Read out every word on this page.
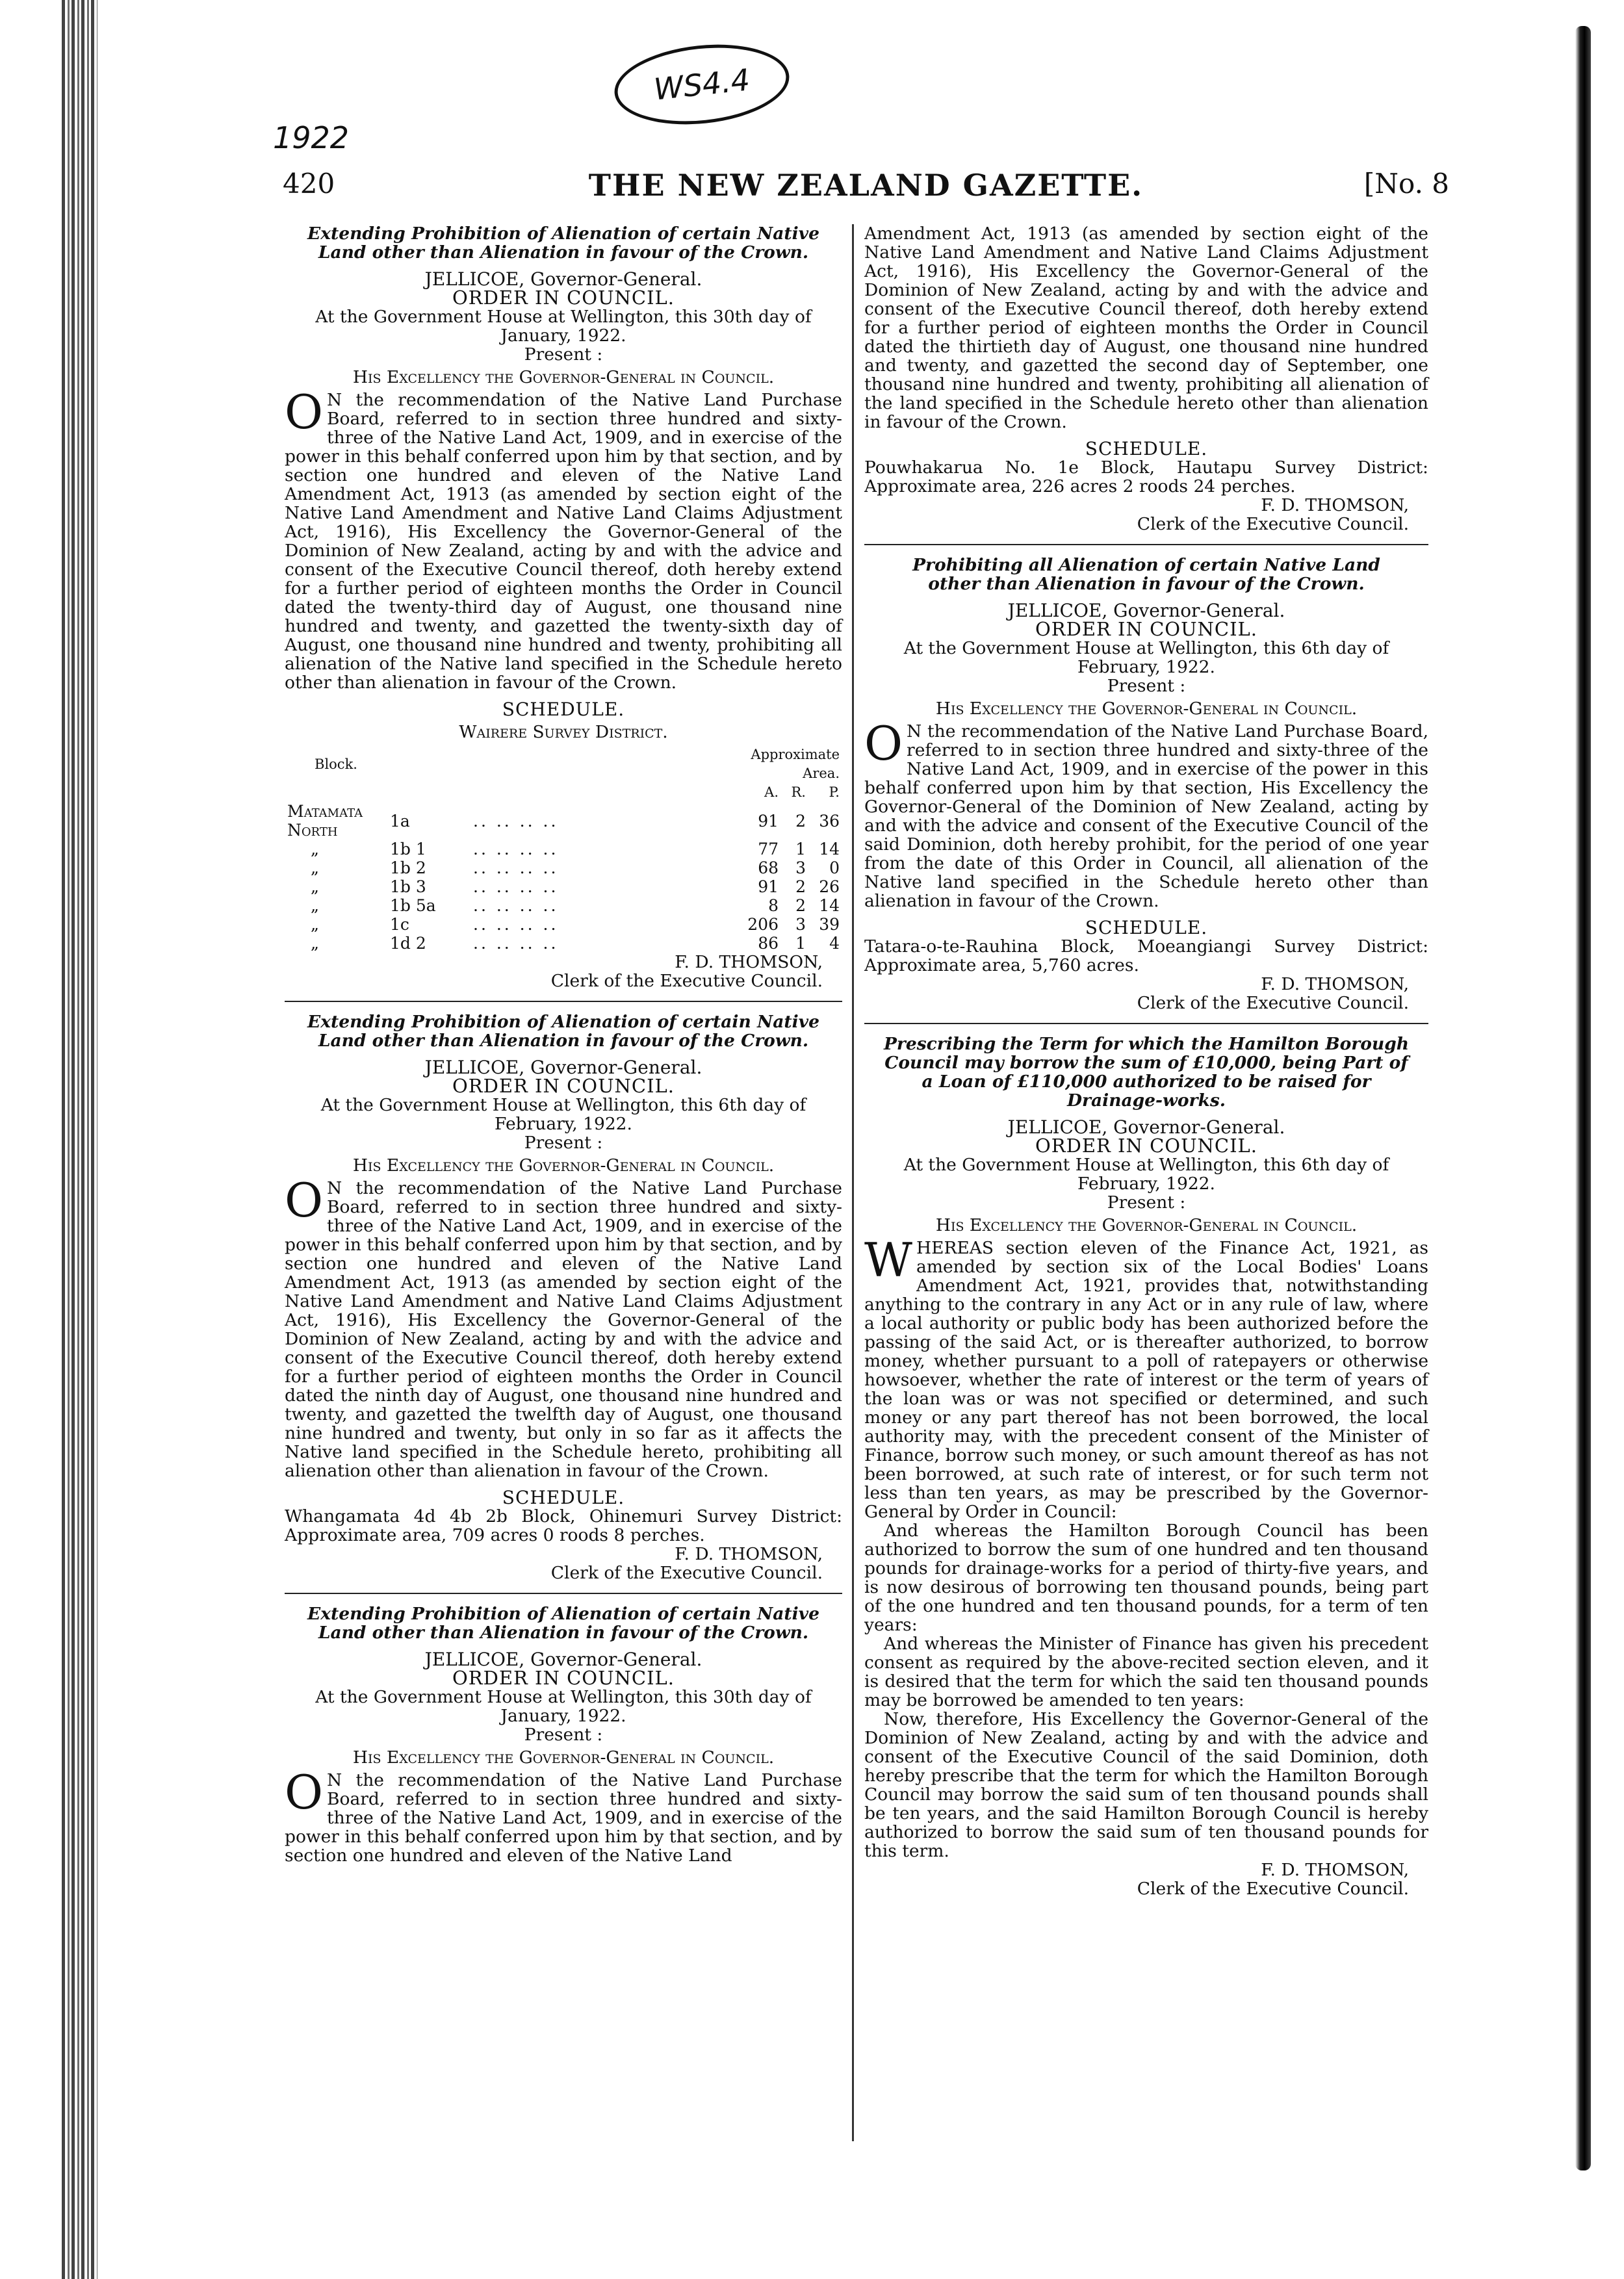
1922
WS4.4
420	THE NEW ZEALAND GAZETTE.	[No. 8
Extending Prohibition of Alienation of certain Native Land other than Alienation in favour of the Crown.
JELLICOE, Governor-General.
ORDER IN COUNCIL.
At the Government House at Wellington, this 30th day of January, 1922.
Present :
His Excellency the Governor-General in Council.
O N the recommendation of the Native Land Purchase Board, referred to in section three hundred and sixty-three of the Native Land Act, 1909, and in exercise of the power in this behalf conferred upon him by that section, and by section one hundred and eleven of the Native Land Amendment Act, 1913 (as amended by section eight of the Native Land Amendment and Native Land Claims Adjustment Act, 1916), His Excellency the Governor-General of the Dominion of New Zealand, acting by and with the advice and consent of the Executive Council thereof, doth hereby extend for a further period of eighteen months the Order in Council dated the twenty-third day of August, one thousand nine hundred and twenty, and gazetted the twenty-sixth day of August, one thousand nine hundred and twenty, prohibiting all alienation of the Native land specified in the Schedule hereto other than alienation in favour of the Crown.
SCHEDULE.
Wairere Survey District.
Block.			Approximate Area.		
			A.	R.	P.
Matamata North	1a	.. .. .. ..	91	2	36
„	1b 1	.. .. .. ..	77	1	14
„	1b 2	.. .. .. ..	68	3	0
„	1b 3	.. .. .. ..	91	2	26
„	1b 5a	.. .. .. ..	8	2	14
„	1c	.. .. .. ..	206	3	39
„	1d 2	.. .. .. ..	86	1	4
F. D. THOMSON,
Clerk of the Executive Council.
Extending Prohibition of Alienation of certain Native Land other than Alienation in favour of the Crown.
JELLICOE, Governor-General.
ORDER IN COUNCIL.
At the Government House at Wellington, this 6th day of February, 1922.
Present :
His Excellency the Governor-General in Council.
O N the recommendation of the Native Land Purchase Board, referred to in section three hundred and sixty-three of the Native Land Act, 1909, and in exercise of the power in this behalf conferred upon him by that section, and by section one hundred and eleven of the Native Land Amendment Act, 1913 (as amended by section eight of the Native Land Amendment and Native Land Claims Adjustment Act, 1916), His Excellency the Governor-General of the Dominion of New Zealand, acting by and with the advice and consent of the Executive Council thereof, doth hereby extend for a further period of eighteen months the Order in Council dated the ninth day of August, one thousand nine hundred and twenty, and gazetted the twelfth day of August, one thousand nine hundred and twenty, but only in so far as it affects the Native land specified in the Schedule hereto, prohibiting all alienation other than alienation in favour of the Crown.
SCHEDULE.
Whangamata 4d 4b 2b Block, Ohinemuri Survey District: Approximate area, 709 acres 0 roods 8 perches.
F. D. THOMSON,
Clerk of the Executive Council.
Extending Prohibition of Alienation of certain Native Land other than Alienation in favour of the Crown.
JELLICOE, Governor-General.
ORDER IN COUNCIL.
At the Government House at Wellington, this 30th day of January, 1922.
Present :
His Excellency the Governor-General in Council.
O N the recommendation of the Native Land Purchase Board, referred to in section three hundred and sixty-three of the Native Land Act, 1909, and in exercise of the power in this behalf conferred upon him by that section, and by section one hundred and eleven of the Native Land
Amendment Act, 1913 (as amended by section eight of the Native Land Amendment and Native Land Claims Adjustment Act, 1916), His Excellency the Governor-General of the Dominion of New Zealand, acting by and with the advice and consent of the Executive Council thereof, doth hereby extend for a further period of eighteen months the Order in Council dated the thirtieth day of August, one thousand nine hundred and twenty, and gazetted the second day of September, one thousand nine hundred and twenty, prohibiting all alienation of the land specified in the Schedule hereto other than alienation in favour of the Crown.
SCHEDULE.
Pouwhakarua No. 1e Block, Hautapu Survey District: Approximate area, 226 acres 2 roods 24 perches.
F. D. THOMSON,
Clerk of the Executive Council.
Prohibiting all Alienation of certain Native Land other than Alienation in favour of the Crown.
JELLICOE, Governor-General.
ORDER IN COUNCIL.
At the Government House at Wellington, this 6th day of February, 1922.
Present :
His Excellency the Governor-General in Council.
O N the recommendation of the Native Land Purchase Board, referred to in section three hundred and sixty-three of the Native Land Act, 1909, and in exercise of the power in this behalf conferred upon him by that section, His Excellency the Governor-General of the Dominion of New Zealand, acting by and with the advice and consent of the Executive Council of the said Dominion, doth hereby prohibit, for the period of one year from the date of this Order in Council, all alienation of the Native land specified in the Schedule hereto other than alienation in favour of the Crown.
SCHEDULE.
Tatara-o-te-Rauhina Block, Moeangiangi Survey District: Approximate area, 5,760 acres.
F. D. THOMSON,
Clerk of the Executive Council.
Prescribing the Term for which the Hamilton Borough Council may borrow the sum of £10,000, being Part of a Loan of £110,000 authorized to be raised for Drainage-works.
JELLICOE, Governor-General.
ORDER IN COUNCIL.
At the Government House at Wellington, this 6th day of February, 1922.
Present :
His Excellency the Governor-General in Council.
WHEREAS section eleven of the Finance Act, 1921, as amended by section six of the Local Bodies' Loans Amendment Act, 1921, provides that, notwithstanding anything to the contrary in any Act or in any rule of law, where a local authority or public body has been authorized before the passing of the said Act, or is thereafter authorized, to borrow money, whether pursuant to a poll of ratepayers or otherwise howsoever, whether the rate of interest or the term of years of the loan was or was not specified or determined, and such money or any part thereof has not been borrowed, the local authority may, with the precedent consent of the Minister of Finance, borrow such money, or such amount thereof as has not been borrowed, at such rate of interest, or for such term not less than ten years, as may be prescribed by the Governor-General by Order in Council:
And whereas the Hamilton Borough Council has been authorized to borrow the sum of one hundred and ten thousand pounds for drainage-works for a period of thirty-five years, and is now desirous of borrowing ten thousand pounds, being part of the one hundred and ten thousand pounds, for a term of ten years:
And whereas the Minister of Finance has given his precedent consent as required by the above-recited section eleven, and it is desired that the term for which the said ten thousand pounds may be borrowed be amended to ten years:
Now, therefore, His Excellency the Governor-General of the Dominion of New Zealand, acting by and with the advice and consent of the Executive Council of the said Dominion, doth hereby prescribe that the term for which the Hamilton Borough Council may borrow the said sum of ten thousand pounds shall be ten years, and the said Hamilton Borough Council is hereby authorized to borrow the said sum of ten thousand pounds for this term.
F. D. THOMSON,
Clerk of the Executive Council.
